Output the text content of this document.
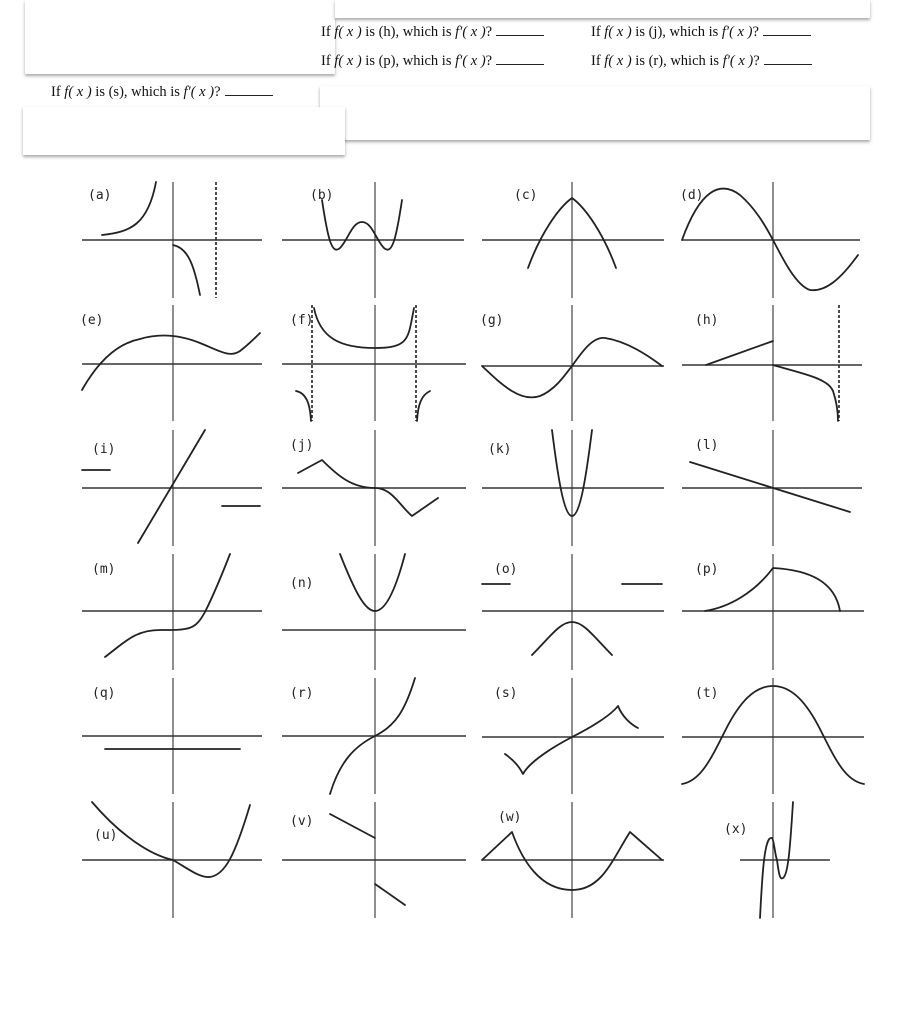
If f( x ) is (h), which is f′( x )?	If f( x ) is (j), which is f′( x )?
If f( x ) is (p), which is f′( x )?	If f( x ) is (r), which is f′( x )?
If f( x ) is (s), which is f′( x )?
(a)	(b)	(c)	(d)
(e)	(f)	(g)	(h)
(i)	(j)	(k)	(l)
(m)
(n)
(o)	(p)
(q)	(r)	(s)	(t)
(u)
(v)	(w)
(x)
